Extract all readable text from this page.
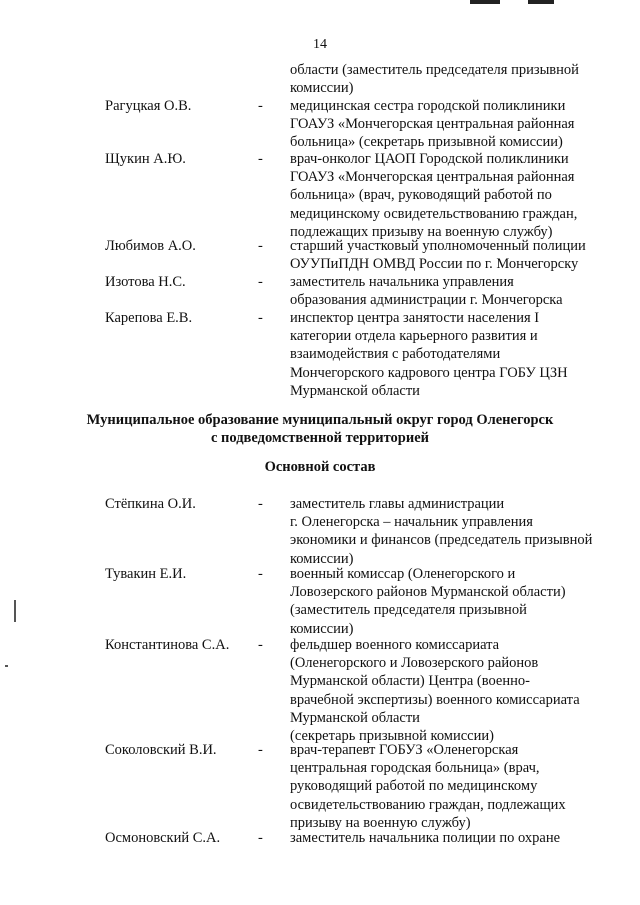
14
области (заместитель председателя призывной
комиссии)
Рагуцкая О.В.	- медицинская сестра городской поликлиники
ГОАУЗ «Мончегорская центральная районная
больница» (секретарь призывной комиссии)
Щукин А.Ю.	- врач-онколог ЦАОП Городской поликлиники
ГОАУЗ «Мончегорская центральная районная
больница» (врач, руководящий работой по
медицинскому освидетельствованию граждан,
подлежащих призыву на военную службу)
Любимов А.О.	- старший участковый уполномоченный полиции
ОУУПиПДН ОМВД России по г. Мончегорску
Изотова Н.С.	- заместитель начальника управления
образования администрации г. Мончегорска
Карепова Е.В.	- инспектор центра занятости населения I
категории отдела карьерного развития и
взаимодействия с работодателями
Мончегорского кадрового центра ГОБУ ЦЗН
Мурманской области
Муниципальное образование муниципальный округ город Оленегорск
с подведомственной территорией
Основной состав
Стёпкина О.И.	- заместитель главы администрации
г. Оленегорска – начальник управления
экономики и финансов (председатель призывной
комиссии)
Тувакин Е.И.	- военный комиссар (Оленегорского и
Ловозерского районов Мурманской области)
(заместитель председателя призывной
комиссии)
Константинова С.А. - фельдшер военного комиссариата
(Оленегорского и Ловозерского районов
Мурманской области) Центра (военно-
врачебной экспертизы) военного комиссариата
Мурманской области
(секретарь призывной комиссии)
Соколовский В.И.	- врач-терапевт ГОБУЗ «Оленегорская
центральная городская больница» (врач,
руководящий работой по медицинскому
освидетельствованию граждан, подлежащих
призыву на военную службу)
Осмоновский С.А.	- заместитель начальника полиции по охране
